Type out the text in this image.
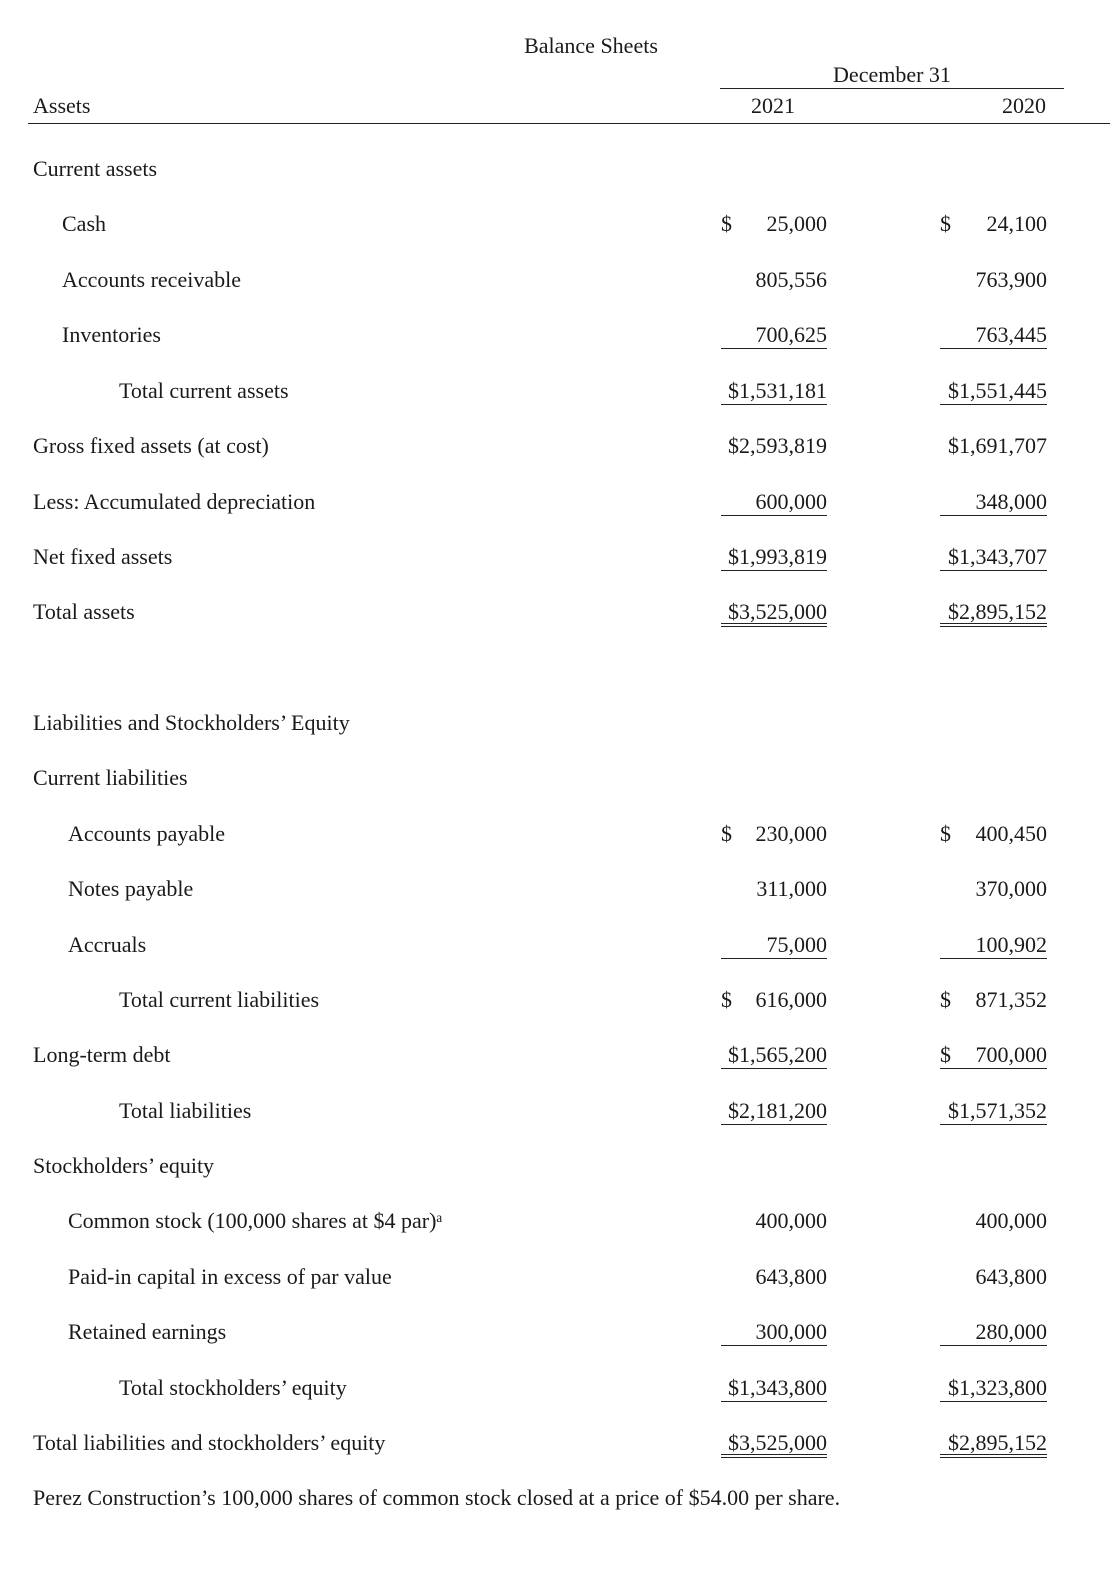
Balance Sheets
December 31
Assets	2021	2020
Current assets
Cash	$ 25,000	$ 24,100
Accounts receivable	805,556	763,900
Inventories	700,625	763,445
Total current assets	$1,531,181	$1,551,445
Gross fixed assets (at cost)	$2,593,819	$1,691,707
Less: Accumulated depreciation	600,000	348,000
Net fixed assets	$1,993,819	$1,343,707
Total assets	$3,525,000	$2,895,152
Liabilities and Stockholders’ Equity
Current liabilities
Accounts payable	$ 230,000	$ 400,450
Notes payable	311,000	370,000
Accruals	75,000	100,902
Total current liabilities	$ 616,000	$ 871,352
Long-term debt	$1,565,200	$ 700,000
Total liabilities	$2,181,200	$1,571,352
Stockholders’ equity
Common stock (100,000 shares at $4 par)ᵃ	400,000	400,000
Paid-in capital in excess of par value	643,800	643,800
Retained earnings	300,000	280,000
Total stockholders’ equity	$1,343,800	$1,323,800
Total liabilities and stockholders’ equity	$3,525,000	$2,895,152
Perez Construction’s 100,000 shares of common stock closed at a price of $54.00 per share.
